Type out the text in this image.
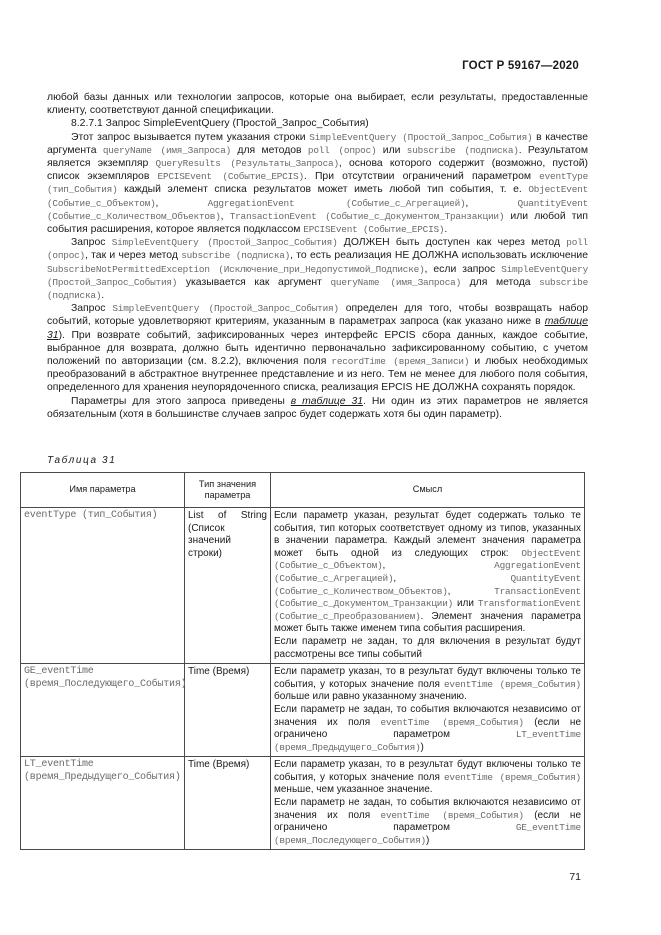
ГОСТ Р 59167—2020

любой базы данных или технологии запросов, которые она выбирает, если результаты, предоставленные клиенту, соответствуют данной спецификации.

8.2.7.1 Запрос SimpleEventQuery (Простой_Запрос_События)

Этот запрос вызывается путем указания строки SimpleEventQuery (Простой_Запрос_События) в качестве аргумента queryName (имя_Запроса) для методов poll (опрос) или subscribe (подписка). Результатом является экземпляр QueryResults (Результаты_Запроса), основа которого содержит (возможно, пустой) список экземпляров EPCISEvent (Событие_EPCIS). При отсутствии ограничений параметром eventType (тип_События) каждый элемент списка результатов может иметь любой тип события, т. е. ObjectEvent (Событие_с_Объектом), AggregationEvent (Событие_с_Агрегацией), QuantityEvent (Событие_с_Количеством_Объектов), TransactionEvent (Событие_с_Документом_Транзакции) или любой тип события расширения, которое является подклассом EPCISEvent (Событие_EPCIS).

Запрос SimpleEventQuery (Простой_Запрос_События) ДОЛЖЕН быть доступен как через метод poll (опрос), так и через метод subscribe (подписка), то есть реализация НЕ ДОЛЖНА использовать исключение SubscribeNotPermittedException (Исключение_при_Недопустимой_Подписке), если запрос SimpleEventQuery (Простой_Запрос_События) указывается как аргумент queryName (имя_Запроса) для метода subscribe (подписка).

Запрос SimpleEventQuery (Простой_Запрос_События) определен для того, чтобы возвращать набор событий, которые удовлетворяют критериям, указанным в параметрах запроса (как указано ниже в таблице 31). При возврате событий, зафиксированных через интерфейс EPCIS сбора данных, каждое событие, выбранное для возврата, должно быть идентично первоначально зафиксированному событию, с учетом положений по авторизации (см. 8.2.2), включения поля recordTime (время_Записи) и любых необходимых преобразований в абстрактное внутреннее представление и из него. Тем не менее для любого поля события, определенного для хранения неупорядоченного списка, реализация EPCIS НЕ ДОЛЖНА сохранять порядок.

Параметры для этого запроса приведены в таблице 31. Ни один из этих параметров не является обязательным (хотя в большинстве случаев запрос будет содержать хотя бы один параметр).

Таблица 31
Имя параметра	Тип значения параметра	Смысл
eventType (тип_События)	List of String (Список значений строки)	Если параметр указан, результат будет содержать только те события, тип которых соответствует одному из типов, указанных в значении параметра. Каждый элемент значения параметра может быть одной из следующих строк: ObjectEvent (Событие_с_Объектом), AggregationEvent (Событие_с_Агрегацией), QuantityEvent (Событие_с_Количеством_Объектов), TransactionEvent (Событие_с_Документом_Транзакции) или TransformationEvent (Событие_с_Преобразованием). Элемент значения параметра может быть также именем типа события расширения.
Если параметр не задан, то для включения в результат будут рассмотрены все типы событий
GE_eventTime (время_Последующего_События)	Time (Время)	Если параметр указан, то в результат будут включены только те события, у которых значение поля eventTime (время_События) больше или равно указанному значению.
Если параметр не задан, то события включаются независимо от значения их поля eventTime (время_События) (если не ограничено параметром LT_eventTime (время_Предыдущего_События))
LT_eventTime (время_Предыдущего_События)	Time (Время)	Если параметр указан, то в результат будут включены только те события, у которых значение поля eventTime (время_События) меньше, чем указанное значение.
Если параметр не задан, то события включаются независимо от значения их поля eventTime (время_События) (если не ограничено параметром GE_eventTime (время_Последующего_События))
71
